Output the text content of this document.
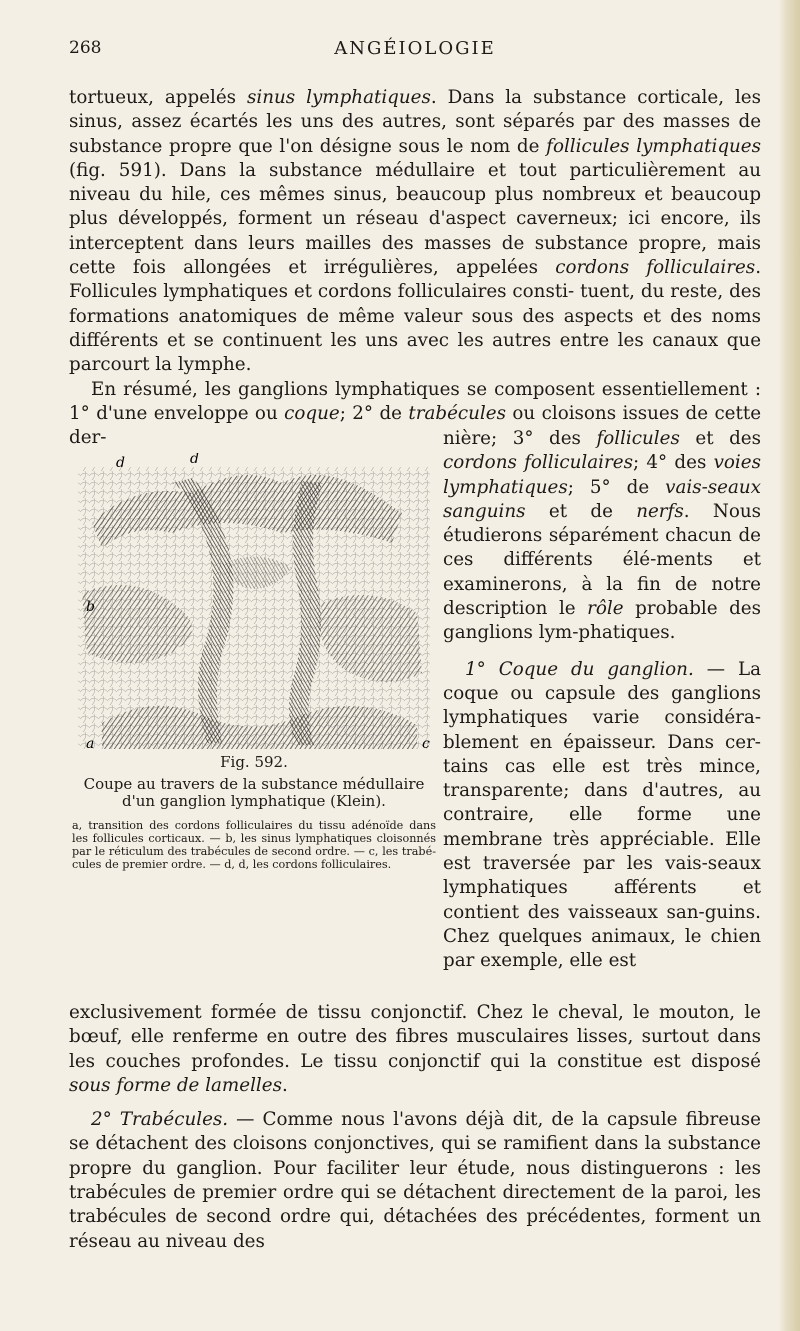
268	ANGÉIOLOGIE

tortueux, appelés sinus lymphatiques. Dans la substance corticale, les sinus, assez écartés les uns des autres, sont séparés par des masses de substance propre que l'on désigne sous le nom de follicules lymphatiques (fig. 591). Dans la substance médullaire et tout particulièrement au niveau du hile, ces mêmes sinus, beaucoup plus nombreux et beaucoup plus développés, forment un réseau d'aspect caverneux; ici encore, ils interceptent dans leurs mailles des masses de substance propre, mais cette fois allongées et irrégulières, appelées cordons folliculaires. Follicules lymphatiques et cordons folliculaires consti- tuent, du reste, des formations anatomiques de même valeur sous des aspects et des noms différents et se continuent les uns avec les autres entre les canaux que parcourt la lymphe.

En résumé, les ganglions lymphatiques se composent essentiellement : 1° d'une enveloppe ou coque; 2° de trabécules ou cloisons issues de cette der-

d	d
b
a	c
Fig. 592.
Coupe au travers de la substance médullaire d'un ganglion lymphatique (Klein).
a, transition des cordons folliculaires du tissu adénoïde dans les follicules corticaux. — b, les sinus lymphatiques cloisonnés par le réticulum des trabécules de second ordre. — c, les trabé-cules de premier ordre. — d, d, les cordons folliculaires.

nière; 3° des follicules et des cordons folliculaires; 4° des voies lymphatiques; 5° de vais-seaux sanguins et de nerfs. Nous étudierons séparément chacun de ces différents élé-ments et examinerons, à la fin de notre description le rôle probable des ganglions lym-phatiques.

1° Coque du ganglion. — La coque ou capsule des ganglions lymphatiques varie considéra-blement en épaisseur. Dans cer-tains cas elle est très mince, transparente; dans d'autres, au contraire, elle forme une membrane très appréciable. Elle est traversée par les vais-seaux lymphatiques afférents et contient des vaisseaux san-guins. Chez quelques animaux, le chien par exemple, elle est

exclusivement formée de tissu conjonctif. Chez le cheval, le mouton, le bœuf, elle renferme en outre des fibres musculaires lisses, surtout dans les couches profondes. Le tissu conjonctif qui la constitue est disposé sous forme de lamelles.

2° Trabécules. — Comme nous l'avons déjà dit, de la capsule fibreuse se détachent des cloisons conjonctives, qui se ramifient dans la substance propre du ganglion. Pour faciliter leur étude, nous distinguerons : les trabécules de premier ordre qui se détachent directement de la paroi, les trabécules de second ordre qui, détachées des précédentes, forment un réseau au niveau des
